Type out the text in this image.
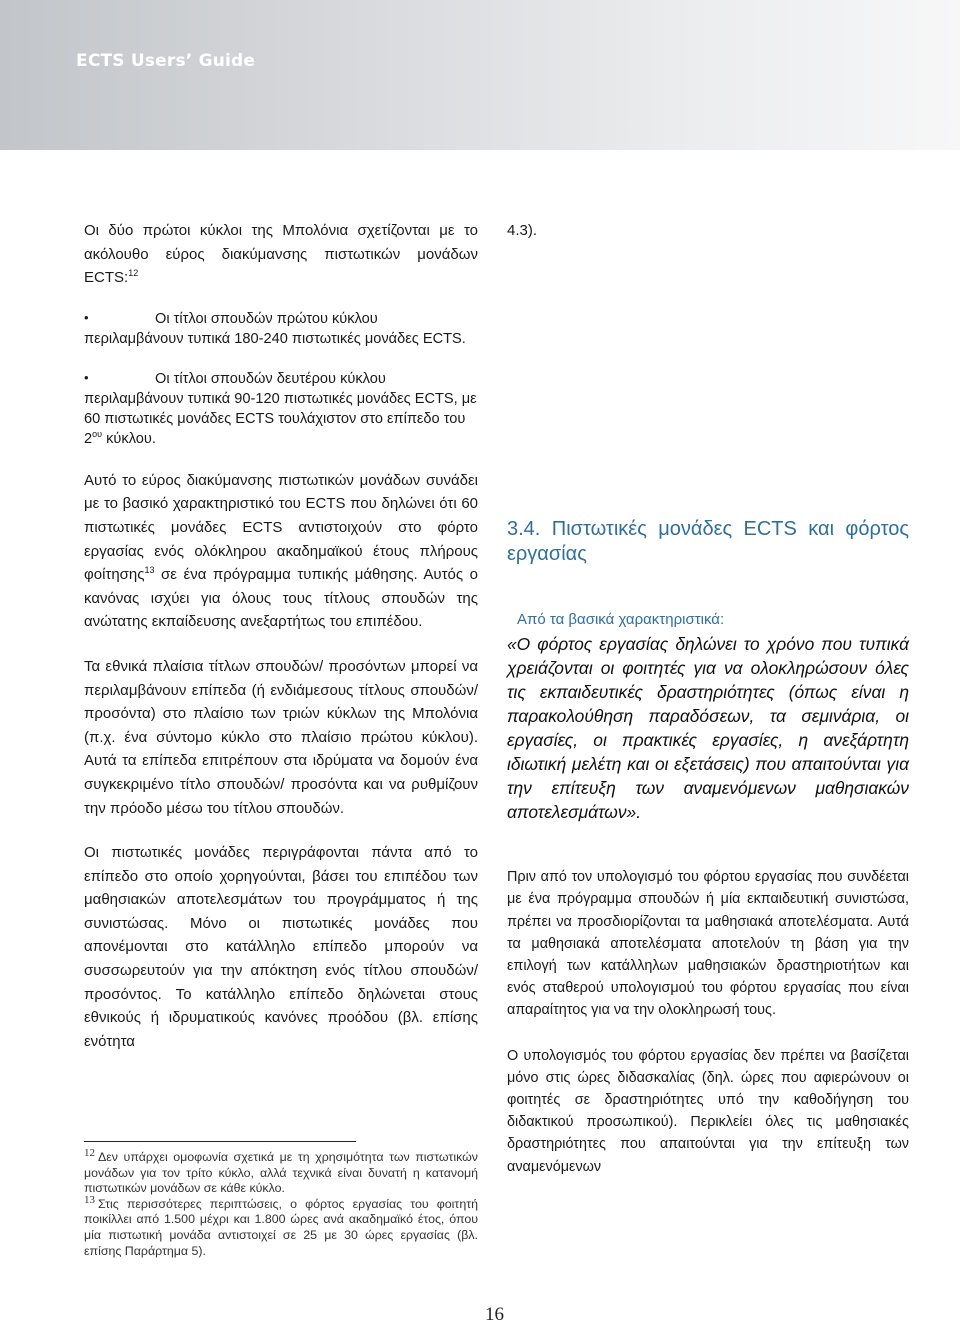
ECTS Users’ Guide

Οι δύο πρώτοι κύκλοι της Μπολόνια σχετίζονται με το ακόλουθο εύρος διακύμανσης πιστωτικών μονάδων ECTS:$^{12}$

•	Οι τίτλοι σπουδών πρώτου κύκλου περιλαμβάνουν τυπικά 180-240 πιστωτικές μονάδες ECTS.

•	Οι τίτλοι σπουδών δευτέρου κύκλου περιλαμβάνουν τυπικά 90-120 πιστωτικές μονάδες ECTS, με 60 πιστωτικές μονάδες ECTS τουλάχιστον στο επίπεδο του $2^{o\upsilon}$ κύκλου.

Αυτό το εύρος διακύμανσης πιστωτικών μονάδων συνάδει με το βασικό χαρακτηριστικό του ECTS που δηλώνει ότι 60 πιστωτικές μονάδες ECTS αντιστοιχούν στο φόρτο εργασίας ενός ολόκληρου ακαδημαϊκού έτους πλήρους φοίτησης$^{13}$ σε ένα πρόγραμμα τυπικής μάθησης. Αυτός ο κανόνας ισχύει για όλους τους τίτλους σπουδών της ανώτατης εκπαίδευσης ανεξαρτήτως του επιπέδου.

Τα εθνικά πλαίσια τίτλων σπουδών/ προσόντων μπορεί να περιλαμβάνουν επίπεδα (ή ενδιάμεσους τίτλους σπουδών/ προσόντα) στο πλαίσιο των τριών κύκλων της Μπολόνια (π.χ. ένα σύντομο κύκλο στο πλαίσιο πρώτου κύκλου). Αυτά τα επίπεδα επιτρέπουν στα ιδρύματα να δομούν ένα συγκεκριμένο τίτλο σπουδών/ προσόντα και να ρυθμίζουν την πρόοδο μέσω του τίτλου σπουδών.

Οι πιστωτικές μονάδες περιγράφονται πάντα από το επίπεδο στο οποίο χορηγούνται, βάσει του επιπέδου των μαθησιακών αποτελεσμάτων του προγράμματος ή της συνιστώσας. Μόνο οι πιστωτικές μονάδες που απονέμονται στο κατάλληλο επίπεδο μπορούν να συσσωρευτούν για την απόκτηση ενός τίτλου σπουδών/ προσόντος. Το κατάλληλο επίπεδο δηλώνεται στους εθνικούς ή ιδρυματικούς κανόνες προόδου (βλ. επίσης ενότητα

12 Δεν υπάρχει ομοφωνία σχετικά με τη χρησιμότητα των πιστωτικών μονάδων για τον τρίτο κύκλο, αλλά τεχνικά είναι δυνατή η κατανομή πιστωτικών μονάδων σε κάθε κύκλο.

13 Στις περισσότερες περιπτώσεις, ο φόρτος εργασίας του φοιτητή ποικίλλει από 1.500 μέχρι και 1.800 ώρες ανά ακαδημαϊκό έτος, όπου μία πιστωτική μονάδα αντιστοιχεί σε 25 με 30 ώρες εργασίας (βλ. επίσης Παράρτημα 5).

16

4.3).

3.4. Πιστωτικές μονάδες ECTS και φόρτος εργασίας

Από τα βασικά χαρακτηριστικά:

«Ο φόρτος εργασίας δηλώνει το χρόνο που τυπικά χρειάζονται οι φοιτητές για να ολοκληρώσουν όλες τις εκπαιδευτικές δραστηριότητες (όπως είναι η παρακολούθηση παραδόσεων, τα σεμινάρια, οι εργασίες, οι πρακτικές εργασίες, η ανεξάρτητη ιδιωτική μελέτη και οι εξετάσεις) που απαιτούνται για την επίτευξη των αναμενόμενων μαθησιακών αποτελεσμάτων».

Πριν από τον υπολογισμό του φόρτου εργασίας που συνδέεται με ένα πρόγραμμα σπουδών ή μία εκπαιδευτική συνιστώσα, πρέπει να προσδιορίζονται τα μαθησιακά αποτελέσματα. Αυτά τα μαθησιακά αποτελέσματα αποτελούν τη βάση για την επιλογή των κατάλληλων μαθησιακών δραστηριοτήτων και ενός σταθερού υπολογισμού του φόρτου εργασίας που είναι απαραίτητος για να την ολοκληρωσή τους.

Ο υπολογισμός του φόρτου εργασίας δεν πρέπει να βασίζεται μόνο στις ώρες διδασκαλίας (δηλ. ώρες που αφιερώνουν οι φοιτητές σε δραστηριότητες υπό την καθοδήγηση του διδακτικού προσωπικού). Περικλείει όλες τις μαθησιακές δραστηριότητες που απαιτούνται για την επίτευξη των αναμενόμενων
